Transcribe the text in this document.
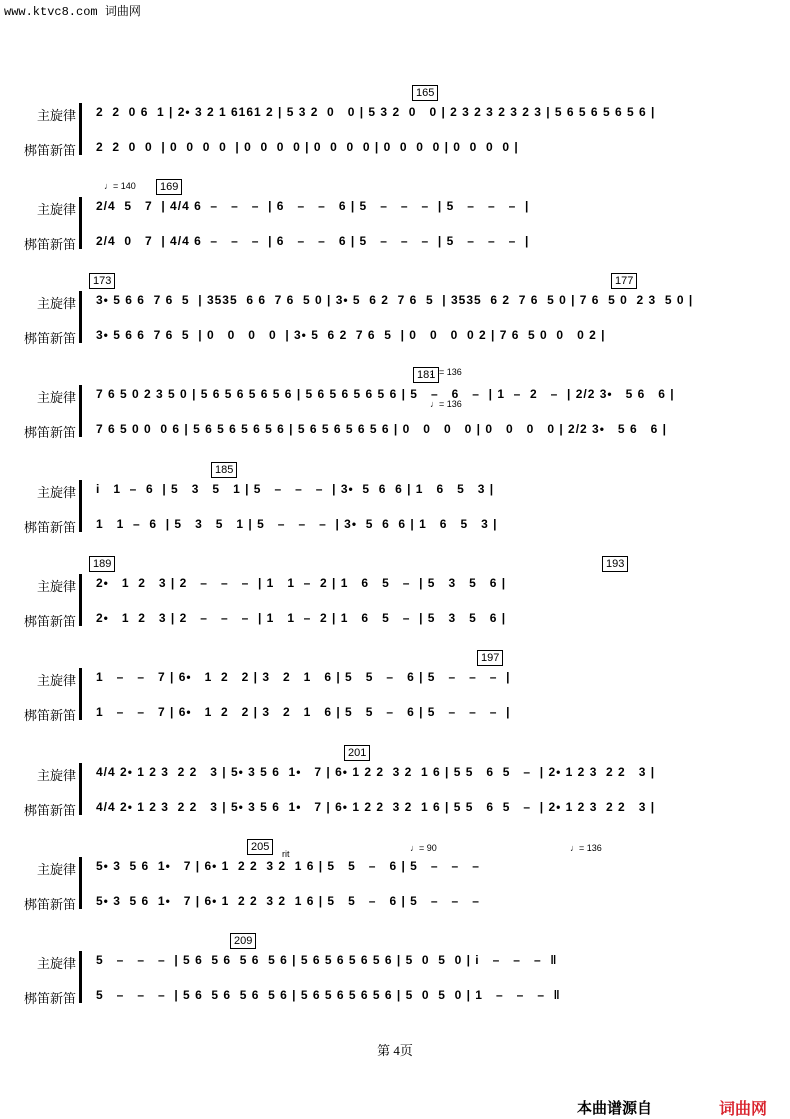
www.ktvc8.com 词曲网
主旋律
梆笛新笛
2  2  0 6  1 | 2• 3 2 1 6161 2 | 5 3 2  0   0 | 5 3 2  0   0 | 2 3 2 3 2 3 2 3 | 5 6 5 6 5 6 5 6 |
2  2  0  0  | 0  0  0  0  | 0  0  0  0 | 0  0  0  0 | 0  0  0  0 | 0  0  0  0 |
165
主旋律
梆笛新笛
2/4  5   7  | 4/4 6  –   –   –  | 6   –   –   6 | 5   –   –   –  | 5   –   –   –  |
2/4  0   7  | 4/4 6  –   –   –  | 6   –   –   6 | 5   –   –   –  | 5   –   –   –  |
169
♩= 140
主旋律
梆笛新笛
3• 5 6 6  7 6  5  | 3535  6 6  7 6  5 0 | 3• 5  6 2  7 6  5  | 3535  6 2  7 6  5 0 | 7 6  5 0  2 3  5 0 |
3• 5 6 6  7 6  5  | 0   0   0   0  | 3• 5  6 2  7 6  5  | 0   0   0  0 2 | 7 6  5 0  0   0 2 |
173	177
主旋律
梆笛新笛
7 6 5 0 2 3 5 0 | 5 6 5 6 5 6 5 6 | 5 6 5 6 5 6 5 6 | 5   –   6   –  | 1  –  2   –  | 2/2 3•   5 6   6 |
7 6 5 0 0  0 6 | 5 6 5 6 5 6 5 6 | 5 6 5 6 5 6 5 6 | 0   0   0   0 | 0   0   0   0 | 2/2 3•   5 6   6 |
181
♩= 136
♩= 136
主旋律
梆笛新笛
i   1  –  6  | 5   3   5   1 | 5   –   –   –  | 3•  5  6  6 | 1   6   5   3 |
1   1  –  6  | 5   3   5   1 | 5   –   –   –  | 3•  5  6  6 | 1   6   5   3 |
185
主旋律
梆笛新笛
2•   1  2   3 | 2   –   –   –  | 1   1  –  2 | 1   6   5   –  | 5   3   5   6 |
2•   1  2   3 | 2   –   –   –  | 1   1  –  2 | 1   6   5   –  | 5   3   5   6 |
189	193
主旋律
梆笛新笛
1   –   –   7 | 6•   1  2   2 | 3   2   1   6 | 5   5   –   6 | 5   –   –   –  |
1   –   –   7 | 6•   1  2   2 | 3   2   1   6 | 5   5   –   6 | 5   –   –   –  |
197
主旋律
梆笛新笛
4/4 2• 1 2 3  2 2   3 | 5• 3 5 6  1•   7 | 6• 1 2 2  3 2  1 6 | 5 5   6  5   –  | 2• 1 2 3  2 2   3 |
4/4 2• 1 2 3  2 2   3 | 5• 3 5 6  1•   7 | 6• 1 2 2  3 2  1 6 | 5 5   6  5   –  | 2• 1 2 3  2 2   3 |
201
主旋律
梆笛新笛
5• 3  5 6  1•   7 | 6• 1  2 2  3 2  1 6 | 5   5   –   6 | 5   –   –   –
5• 3  5 6  1•   7 | 6• 1  2 2  3 2  1 6 | 5   5   –   6 | 5   –   –   –
205
rit
♩= 90	♩= 136
主旋律
梆笛新笛
5   –   –   –  | 5 6  5 6  5 6  5 6 | 5 6 5 6 5 6 5 6 | 5  0  5  0 | i   –   –   –  ‖
5   –   –   –  | 5 6  5 6  5 6  5 6 | 5 6 5 6 5 6 5 6 | 5  0  5  0 | 1   –   –   –  ‖
209
第 4页
本曲谱源自	词曲网
